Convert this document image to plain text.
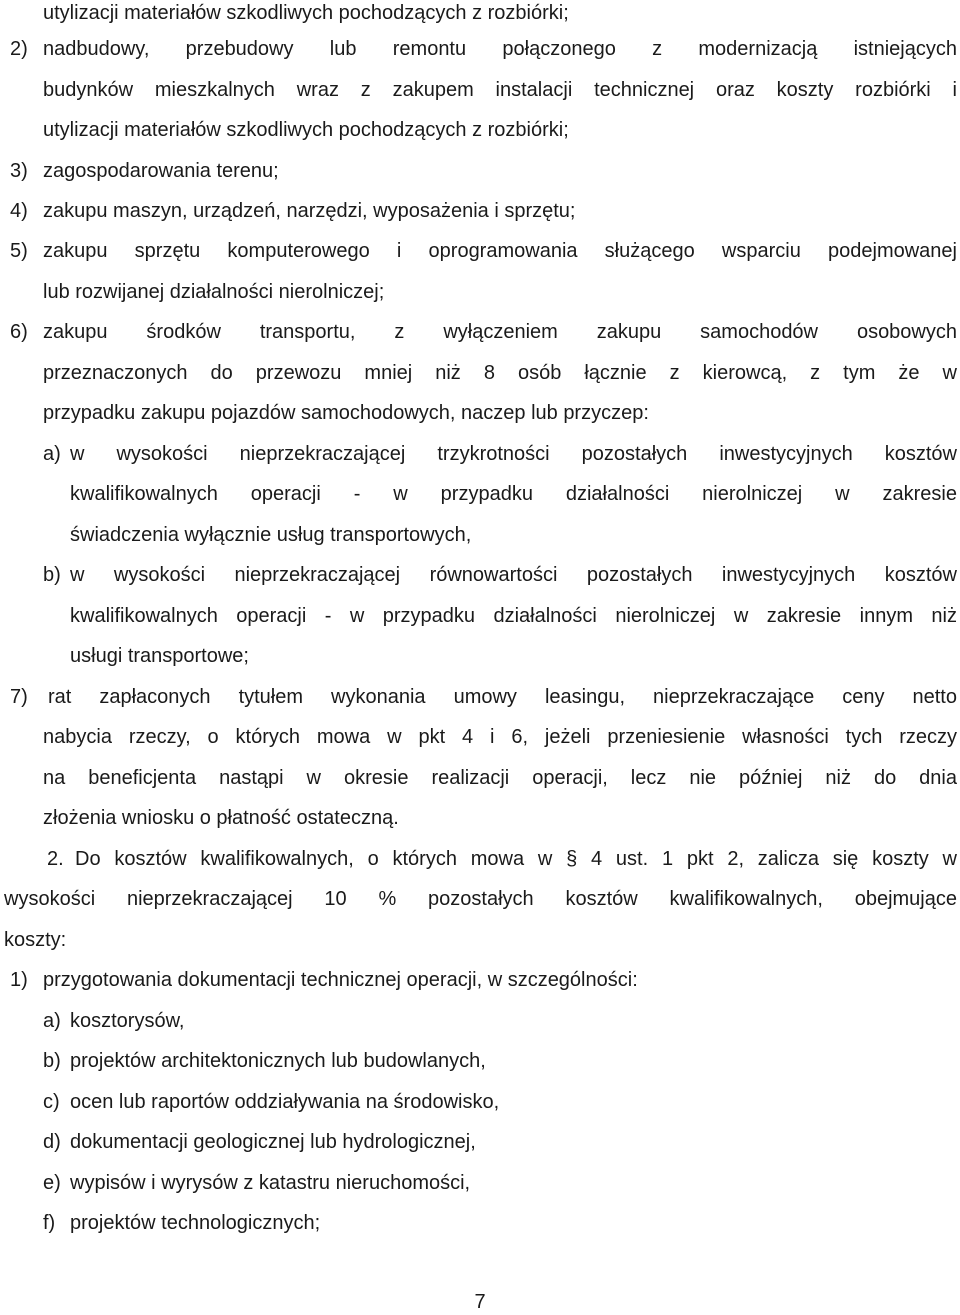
utylizacji materiałów szkodliwych pochodzących z rozbiórki;
2) nadbudowy, przebudowy lub remontu połączonego z modernizacją istniejących
budynków mieszkalnych wraz z zakupem instalacji technicznej oraz koszty rozbiórki i
utylizacji materiałów szkodliwych pochodzących z rozbiórki;
3) zagospodarowania terenu;
4) zakupu maszyn, urządzeń, narzędzi, wyposażenia i sprzętu;
5) zakupu sprzętu komputerowego i oprogramowania służącego wsparciu podejmowanej
lub rozwijanej działalności nierolniczej;
6) zakupu środków transportu, z wyłączeniem zakupu samochodów osobowych
przeznaczonych do przewozu mniej niż 8 osób łącznie z kierowcą, z tym że w
przypadku zakupu pojazdów samochodowych, naczep lub przyczep:
a) w wysokości nieprzekraczającej trzykrotności pozostałych inwestycyjnych kosztów
kwalifikowalnych operacji - w przypadku działalności nierolniczej w zakresie
świadczenia wyłącznie usług transportowych,
b) w wysokości nieprzekraczającej równowartości pozostałych inwestycyjnych kosztów
kwalifikowalnych operacji - w przypadku działalności nierolniczej w zakresie innym niż
usługi transportowe;
7) rat zapłaconych tytułem wykonania umowy leasingu, nieprzekraczające ceny netto
nabycia rzeczy, o których mowa w pkt 4 i 6, jeżeli przeniesienie własności tych rzeczy
na beneficjenta nastąpi w okresie realizacji operacji, lecz nie później niż do dnia
złożenia wniosku o płatność ostateczną.
2. Do kosztów kwalifikowalnych, o których mowa w § 4 ust. 1 pkt 2, zalicza się koszty w
wysokości nieprzekraczającej 10 % pozostałych kosztów kwalifikowalnych, obejmujące
koszty:
1) przygotowania dokumentacji technicznej operacji, w szczególności:
a) kosztorysów,
b) projektów architektonicznych lub budowlanych,
c) ocen lub raportów oddziaływania na środowisko,
d) dokumentacji geologicznej lub hydrologicznej,
e) wypisów i wyrysów z katastru nieruchomości,
f) projektów technologicznych;
7
